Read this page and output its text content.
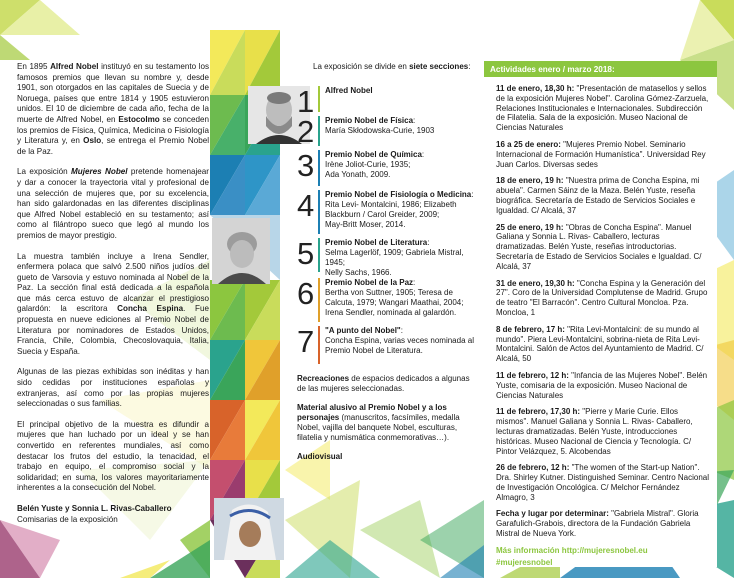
En 1895 Alfred Nobel instituyó en su testamento los famosos premios que llevan su nombre y, desde 1901, son otorgados en las capitales de Suecia y de Noruega, países que entre 1814 y 1905 estuvieron unidos. El 10 de diciembre de cada año, fecha de la muerte de Alfred Nobel, en Estocolmo se conceden los premios de Física, Química, Medicina o Fisiología y Literatura y, en Oslo, se entrega el Premio Nobel de la Paz.

La exposición Mujeres Nobel pretende homenajear y dar a conocer la trayectoria vital y profesional de una selección de mujeres que, por su excelencia, han sido galardonadas en las diferentes disciplinas que Alfred Nobel estableció en su testamento; así como al filántropo sueco que legó al mundo los premios de mayor prestigio.

La muestra también incluye a Irena Sendler, enfermera polaca que salvó 2.500 niños judíos del gueto de Varsovia y estuvo nominada al Nobel de la Paz. La sección final está dedicada a la española que más cerca estuvo de alcanzar el prestigioso galardón: la escritora Concha Espina. Fue propuesta en nueve ediciones al Premio Nobel de Literatura por nominadores de Estados Unidos, Francia, Chile, Colombia, Checoslovaquia, Italia, Suecia y España.

Algunas de las piezas exhibidas son inéditas y han sido cedidas por instituciones españolas y extranjeras, así como por las propias mujeres seleccionadas o sus familias.

El principal objetivo de la muestra es difundir a mujeres que han luchado por un ideal y se han convertido en referentes mundiales, así como destacar los frutos del estudio, la tenacidad, el trabajo en equipo, el compromiso social y la solidaridad; en suma, los valores mayoritariamente inherentes a la consecución del Nobel.

Belén Yuste y Sonnia L. Rivas-Caballero
Comisarias de la exposición
La exposición se divide en siete secciones:
1 Alfred Nobel
2 Premio Nobel de Física:
María Skłodowska-Curie, 1903
3 Premio Nobel de Química:
Irène Joliot-Curie, 1935;
Ada Yonath, 2009.
4 Premio Nobel de Fisiología o Medicina:
Rita Levi- Montalcini, 1986; Elizabeth Blackburn / Carol Greider, 2009;
May-Britt Moser, 2014.
5 Premio Nobel de Literatura:
Selma Lagerlöf, 1909; Gabriela Mistral, 1945;
Nelly Sachs, 1966.
6 Premio Nobel de la Paz:
Bertha von Suttner, 1905; Teresa de Calcuta, 1979; Wangari Maathai, 2004;
Irena Sendler, nominada al galardón.
7 "A punto del Nobel":
Concha Espina, varias veces nominada al Premio Nobel de Literatura.

Recreaciones de espacios dedicados a algunas de las mujeres seleccionadas.

Material alusivo al Premio Nobel y a los personajes (manuscritos, facsímiles, medalla Nobel, vajilla del banquete Nobel, esculturas, filatelia y numismática conmemorativas…).

Audiovisual

Actividades enero / marzo 2018:
11 de enero, 18,30 h: "Presentación de matasellos y sellos de la exposición Mujeres Nobel". Carolina Gómez-Zarzuela, Relaciones Institucionales e Internacionales. Subdirección de Filatelia. Sala de la exposición. Museo Nacional de Ciencias Naturales
16 a 25 de enero: "Mujeres Premio Nobel. Seminario Internacional de Formación Humanística". Universidad Rey Juan Carlos. Diversas sedes
18 de enero, 19 h: "Nuestra prima de Concha Espina, mi abuela". Carmen Sáinz de la Maza. Belén Yuste, reseña biográfica. Secretaría de Estado de Servicios Sociales e Igualdad. C/ Alcalá, 37
25 de enero, 19 h: "Obras de Concha Espina". Manuel Galiana y Sonnia L. Rivas- Caballero, lecturas dramatizadas. Belén Yuste, reseñas introductorias. Secretaría de Estado de Servicios Sociales e Igualdad. C/ Alcalá, 37
31 de enero, 19,30 h: "Concha Espina y la Generación del 27". Coro de la Universidad Complutense de Madrid. Grupo de teatro "El Barracón". Centro Cultural Moncloa. Pza. Moncloa, 1
8 de febrero, 17 h: "Rita Levi-Montalcini: de su mundo al mundo". Piera Levi-Montalcini, sobrina-nieta de Rita Levi-Montalcini. Salón de Actos del Ayuntamiento de Madrid. C/ Alcalá, 50
11 de febrero, 12 h: "Infancia de las Mujeres Nobel". Belén Yuste, comisaria de la exposición. Museo Nacional de Ciencias Naturales
11 de febrero, 17,30 h: "Pierre y Marie Curie. Ellos mismos". Manuel Galiana y Sonnia L. Rivas- Caballero, lecturas dramatizadas. Belén Yuste, introducciones históricas. Museo Nacional de Ciencia y Tecnología. C/ Pintor Velázquez, 5. Alcobendas
26 de febrero, 12 h: "The women of the Start-up Nation". Dra. Shirley Kutner. Distinguished Seminar. Centro Nacional de Investigación Oncológica. C/ Melchor Fernández Almagro, 3
Fecha y lugar por determinar: "Gabriela Mistral". Gloria Garafulich-Grabois, directora de la Fundación Gabriela Mistral de Nueva York.
Más información http://mujeresnobel.eu
#mujeresnobel
